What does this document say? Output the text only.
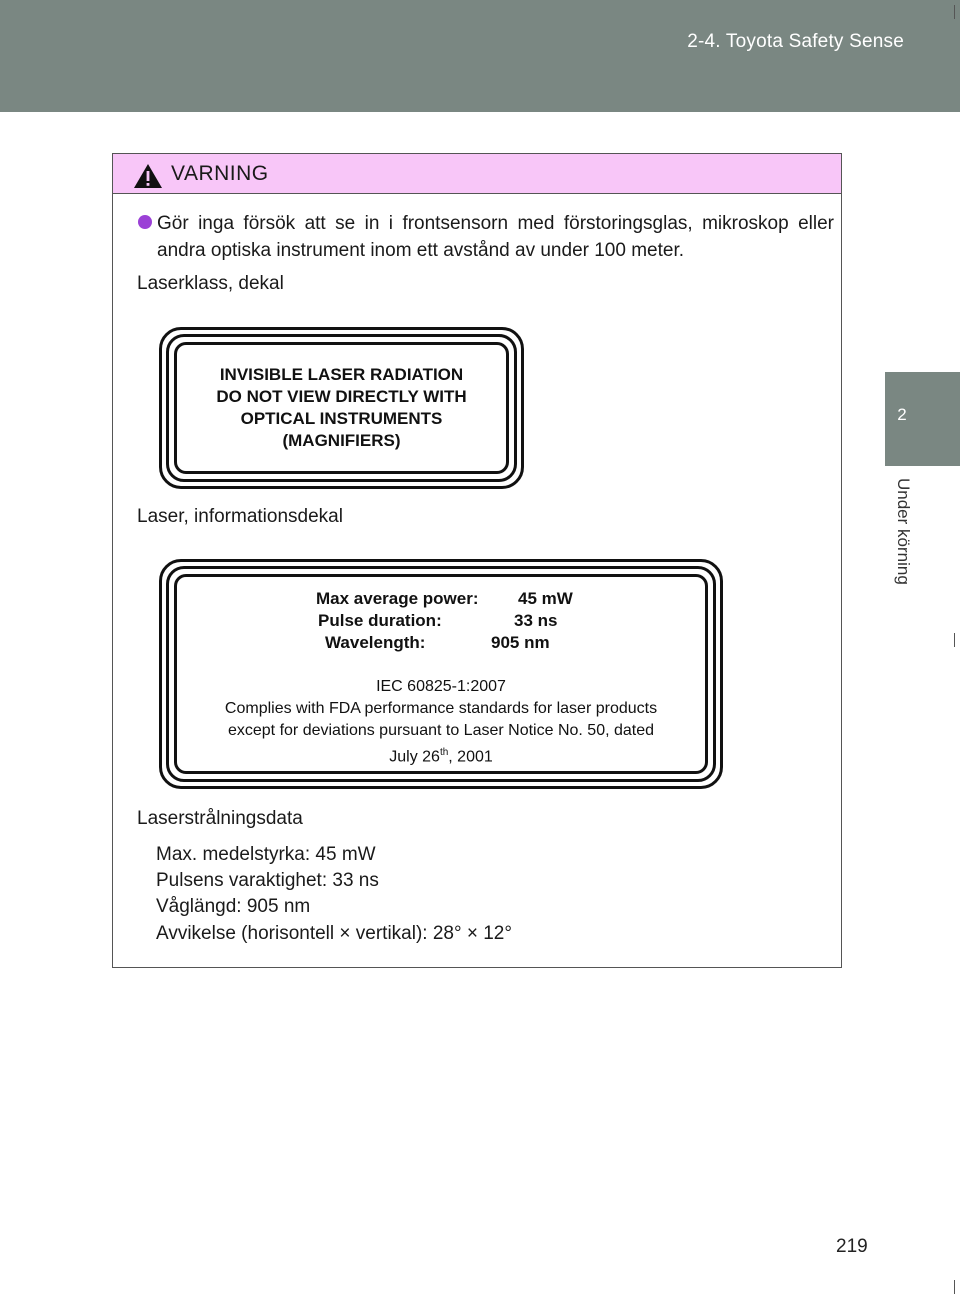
2-4. Toyota Safety Sense
2
Under körning
VARNING
Gör inga försök att se in i frontsensorn med förstoringsglas, mikroskop eller andra optiska instrument inom ett avstånd av under 100 meter.
Laserklass, dekal
INVISIBLE LASER RADIATION
DO NOT VIEW DIRECTLY WITH
OPTICAL INSTRUMENTS
(MAGNIFIERS)
Laser, informationsdekal
Max average power: 45 mW
Pulse duration:	33 ns
Wavelength:	905 nm
IEC 60825-1:2007
Complies with FDA performance standards for laser products
except for deviations pursuant to Laser Notice No. 50, dated
July 26th, 2001
Laserstrålningsdata
Max. medelstyrka: 45 mW
Pulsens varaktighet: 33 ns
Våglängd: 905 nm
Avvikelse (horisontell × vertikal): 28° × 12°
219
